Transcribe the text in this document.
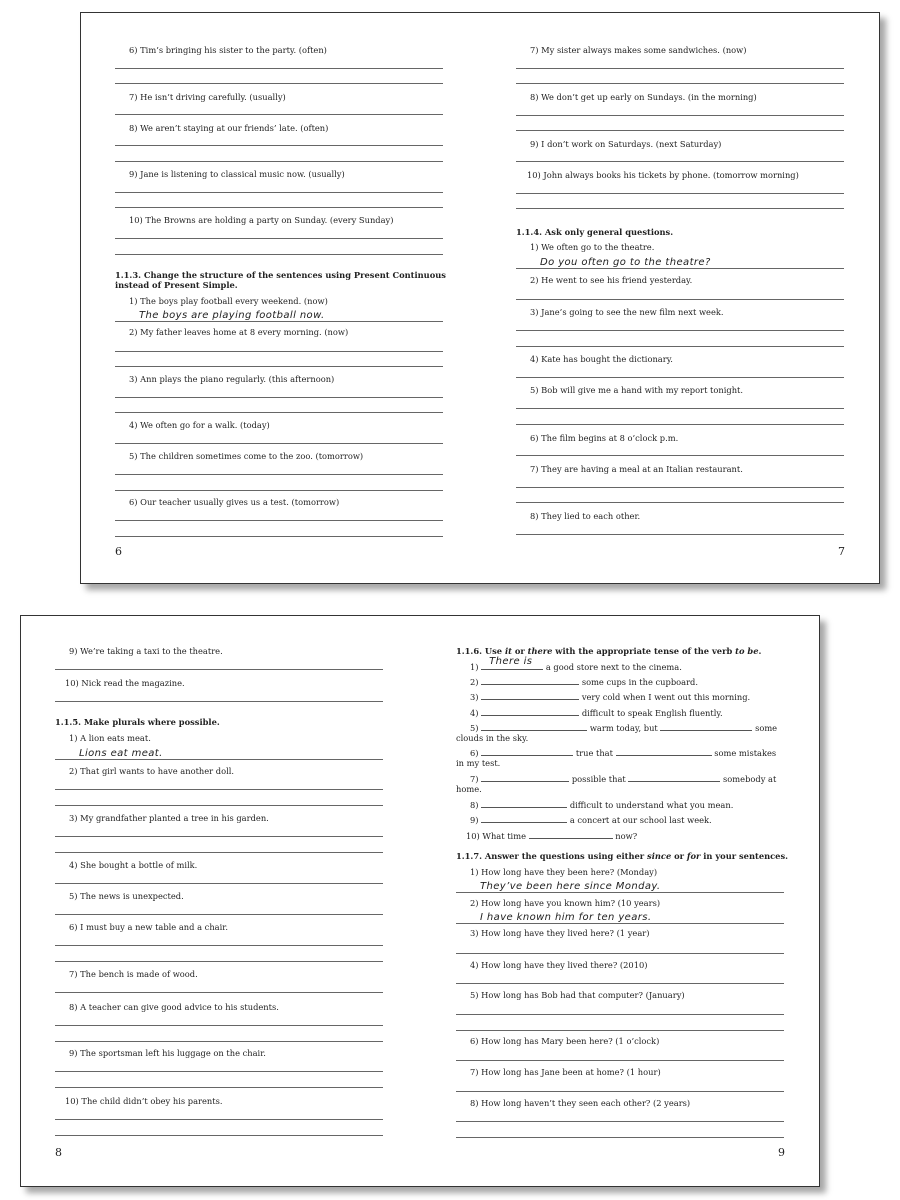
6) Tim’s bringing his sister to the party. (often)
7) He isn’t driving carefully. (usually)
8) We aren’t staying at our friends’ late. (often)
9) Jane is listening to classical music now. (usually)
10) The Browns are holding a party on Sunday. (every Sunday)
1.1.3. Change the structure of the sentences using Present Continuous instead of Present Simple.
1) The boys play football every weekend. (now)
The boys are playing football now.
2) My father leaves home at 8 every morning. (now)
3) Ann plays the piano regularly. (this afternoon)
4) We often go for a walk. (today)
5) The children sometimes come to the zoo. (tomorrow)
6) Our teacher usually gives us a test. (tomorrow)
6
7) My sister always makes some sandwiches. (now)
8) We don’t get up early on Sundays. (in the morning)
9) I don’t work on Saturdays. (next Saturday)
10) John always books his tickets by phone. (tomorrow morning)
1.1.4. Ask only general questions.
1) We often go to the theatre.
Do you often go to the theatre?
2) He went to see his friend yesterday.
3) Jane’s going to see the new film next week.
4) Kate has bought the dictionary.
5) Bob will give me a hand with my report tonight.
6) The film begins at 8 o’clock p.m.
7) They are having a meal at an Italian restaurant.
8) They lied to each other.
7
9) We’re taking a taxi to the theatre.
10) Nick read the magazine.
1.1.5. Make plurals where possible.
1) A lion eats meat.
Lions eat meat.
2) That girl wants to have another doll.
3) My grandfather planted a tree in his garden.
4) She bought a bottle of milk.
5) The news is unexpected.
6) I must buy a new table and a chair.
7) The bench is made of wood.
8) A teacher can give good advice to his students.
9) The sportsman left his luggage on the chair.
10) The child didn’t obey his parents.
8
1.1.6. Use it or there with the appropriate tense of the verb to be.
1) There is a good store next to the cinema.
2)	some cups in the cupboard.
3)	very cold when I went out this morning.
4)	difficult to speak English fluently.
5)	warm today, but	some
clouds in the sky.
6)	true that	some mistakes
in my test.
7)	possible that	somebody at
home.
8)	difficult to understand what you mean.
9)	a concert at our school last week.
10) What time	now?
1.1.7. Answer the questions using either since or for in your sentences.
1) How long have they been here? (Monday)
They’ve been here since Monday.
2) How long have you known him? (10 years)
I have known him for ten years.
3) How long have they lived here? (1 year)
4) How long have they lived there? (2010)
5) How long has Bob had that computer? (January)
6) How long has Mary been here? (1 o’clock)
7) How long has Jane been at home? (1 hour)
8) How long haven’t they seen each other? (2 years)
9
